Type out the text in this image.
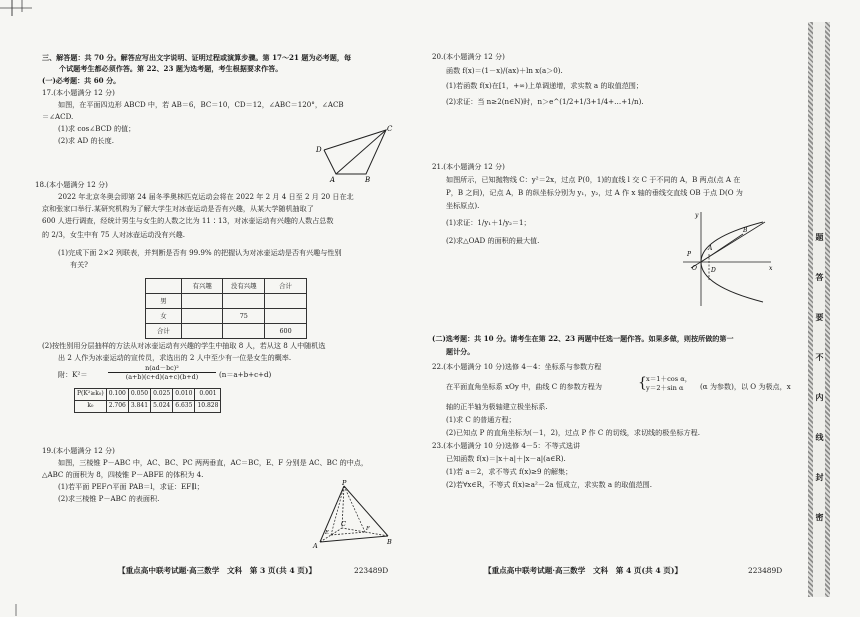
三、解答题：共 70 分。解答应写出文字说明、证明过程或演算步骤。第 17～21 题为必考题，每
个试题考生都必须作答。第 22、23 题为选考题，考生根据要求作答。
(一)必考题：共 60 分。
17.(本小题满分 12 分)
如图，在平面四边形 ABCD 中，若 AB＝6，BC＝10，CD＝12，∠ABC＝120°，∠ACB
＝∠ACD.
(1)求 cos∠BCD 的值；
(2)求 AD 的长度.
D
A	B
C
18.(本小题满分 12 分)
2022 年北京冬奥会即第 24 届冬季奥林匹克运动会将在 2022 年 2 月 4 日至 2 月 20 日在北
京和张家口举行.某研究机构为了解大学生对冰壶运动是否有兴趣，从某大学随机抽取了
600 人进行调查，经统计男生与女生的人数之比为 11∶13，对冰壶运动有兴趣的人数占总数
的 2/3，女生中有 75 人对冰壶运动没有兴趣.
(1)完成下面 2×2 列联表，并判断是否有 99.9% 的把握认为对冰壶运动是否有兴趣与性别
有关?
	有兴趣	没有兴趣	合计
男			
女		75	
合计			600
(2)按性别用分层抽样的方法从对冰壶运动有兴趣的学生中抽取 8 人，若从这 8 人中随机选
出 2 人作为冰壶运动的宣传员，求选出的 2 人中至少有一位是女生的概率.
附：K²＝
n(ad－bc)²
(a+b)(c+d)(a+c)(b+d)	(n＝a+b+c+d)
P(K²≥k₀)	0.100	0.050	0.025	0.010	0.001
k₀	2.706	3.841	5.024	6.635	10.828
19.(本小题满分 12 分)
如图，三棱锥 P－ABC 中，AC、BC、PC 两两垂直，AC＝BC，E、F 分别是 AC、BC 的中点，
△ABC 的面积为 8，四棱锥 P－ABFE 的体积为 4.
(1)若平面 PEF∩平面 PAB＝l，求证：EF∥l；
(2)求三棱锥 P－ABC 的表面积.
P
A	B
C
E
F
【重点高中联考试题·高三数学　文科　第 3 页(共 4 页)】	223489D
20.(本小题满分 12 分)
函数 f(x)＝(1－x)/(ax)＋ln x(a＞0).
(1)若函数 f(x)在[1，+∞)上单调递增，求实数 a 的取值范围；
(2)求证：当 n≥2(n∈N)时，n＞e^(1/2+1/3+1/4+…+1/n).
21.(本小题满分 12 分)
如图所示，已知抛物线 C：y²＝2x，过点 P(0，1)的直线 l 交 C 于不同的 A，B 两点(点 A 在
P，B 之间)，记点 A，B 的纵坐标分别为 y₁，y₂，过 A 作 x 轴的垂线交直线 OB 于点 D(O 为
坐标原点).
(1)求证：1/y₁＋1/y₂＝1；
(2)求△OAD 的面积的最大值.
y
x
O
P
A
B
D
(二)选考题：共 10 分。请考生在第 22、23 两题中任选一题作答。如果多做，则按所做的第一
题计分。
22.(本小题满分 10 分)选修 4－4：坐标系与参数方程
在平面直角坐标系 xOy 中，曲线 C 的参数方程为	{ x＝1＋cos α，
y＝2＋sin α (α 为参数)，以 O 为极点，x
轴的正半轴为极轴建立极坐标系.
(1)求 C 的普通方程；
(2)已知点 P 的直角坐标为(－1，2)，过点 P 作 C 的切线，求切线的极坐标方程.
23.(本小题满分 10 分)选修 4－5：不等式选讲
已知函数 f(x)＝|x＋a|＋|x－a|(a∈R).
(1)若 a＝2，求不等式 f(x)≥9 的解集；
(2)若∀x∈R，不等式 f(x)≥a²－2a 恒成立，求实数 a 的取值范围.
【重点高中联考试题·高三数学　文科　第 4 页(共 4 页)】	223489D
题
答
要
不
内
线
封
密
